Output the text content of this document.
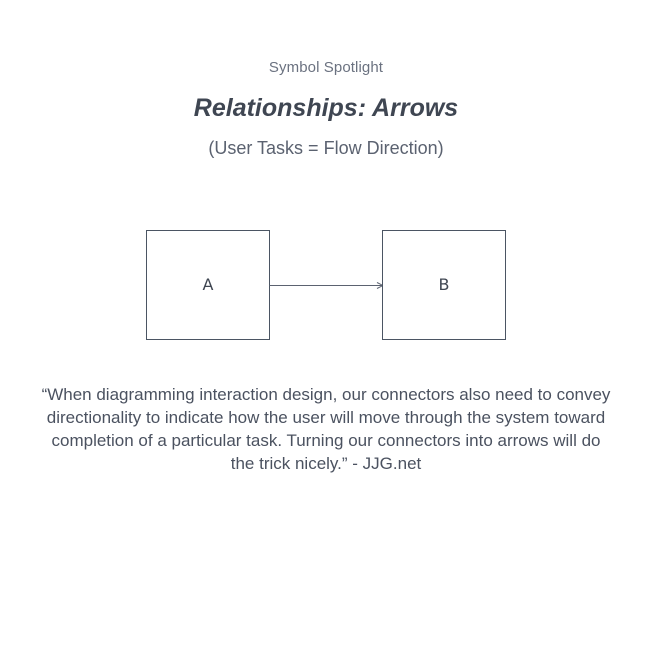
Symbol Spotlight
Relationships: Arrows
(User Tasks = Flow Direction)
A	B
“When diagramming interaction design, our connectors also need to convey directionality to indicate how the user will move through the system toward completion of a particular task. Turning our connectors into arrows will do the trick nicely.” - JJG.net
